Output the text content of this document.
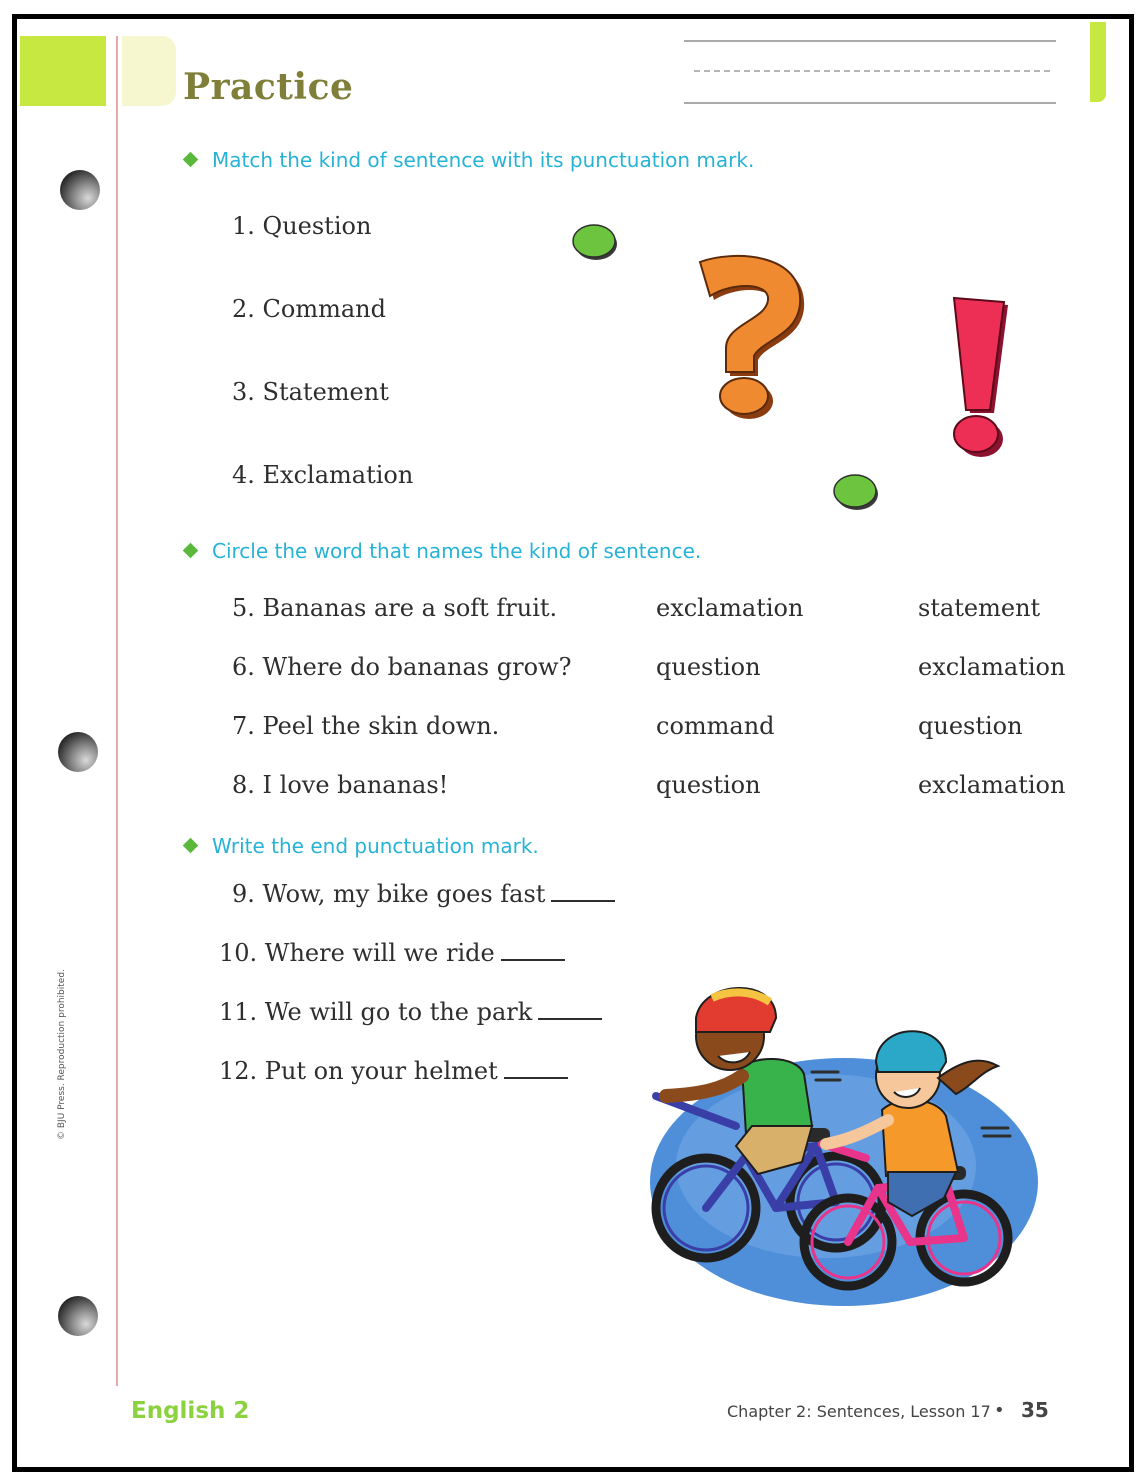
Practice
Match the kind of sentence with its punctuation mark.
1. Question
2. Command
3. Statement
4. Exclamation
Circle the word that names the kind of sentence.
5. Bananas are a soft fruit.	exclamation	statement
6. Where do bananas grow?	question	exclamation
7. Peel the skin down.	command	question
8. I love bananas!	question	exclamation
Write the end punctuation mark.
9. Wow, my bike goes fast
10. Where will we ride
11. We will go to the park
12. Put on your helmet
© BJU Press. Reproduction prohibited.
English 2	Chapter 2: Sentences, Lesson 17 • 35
